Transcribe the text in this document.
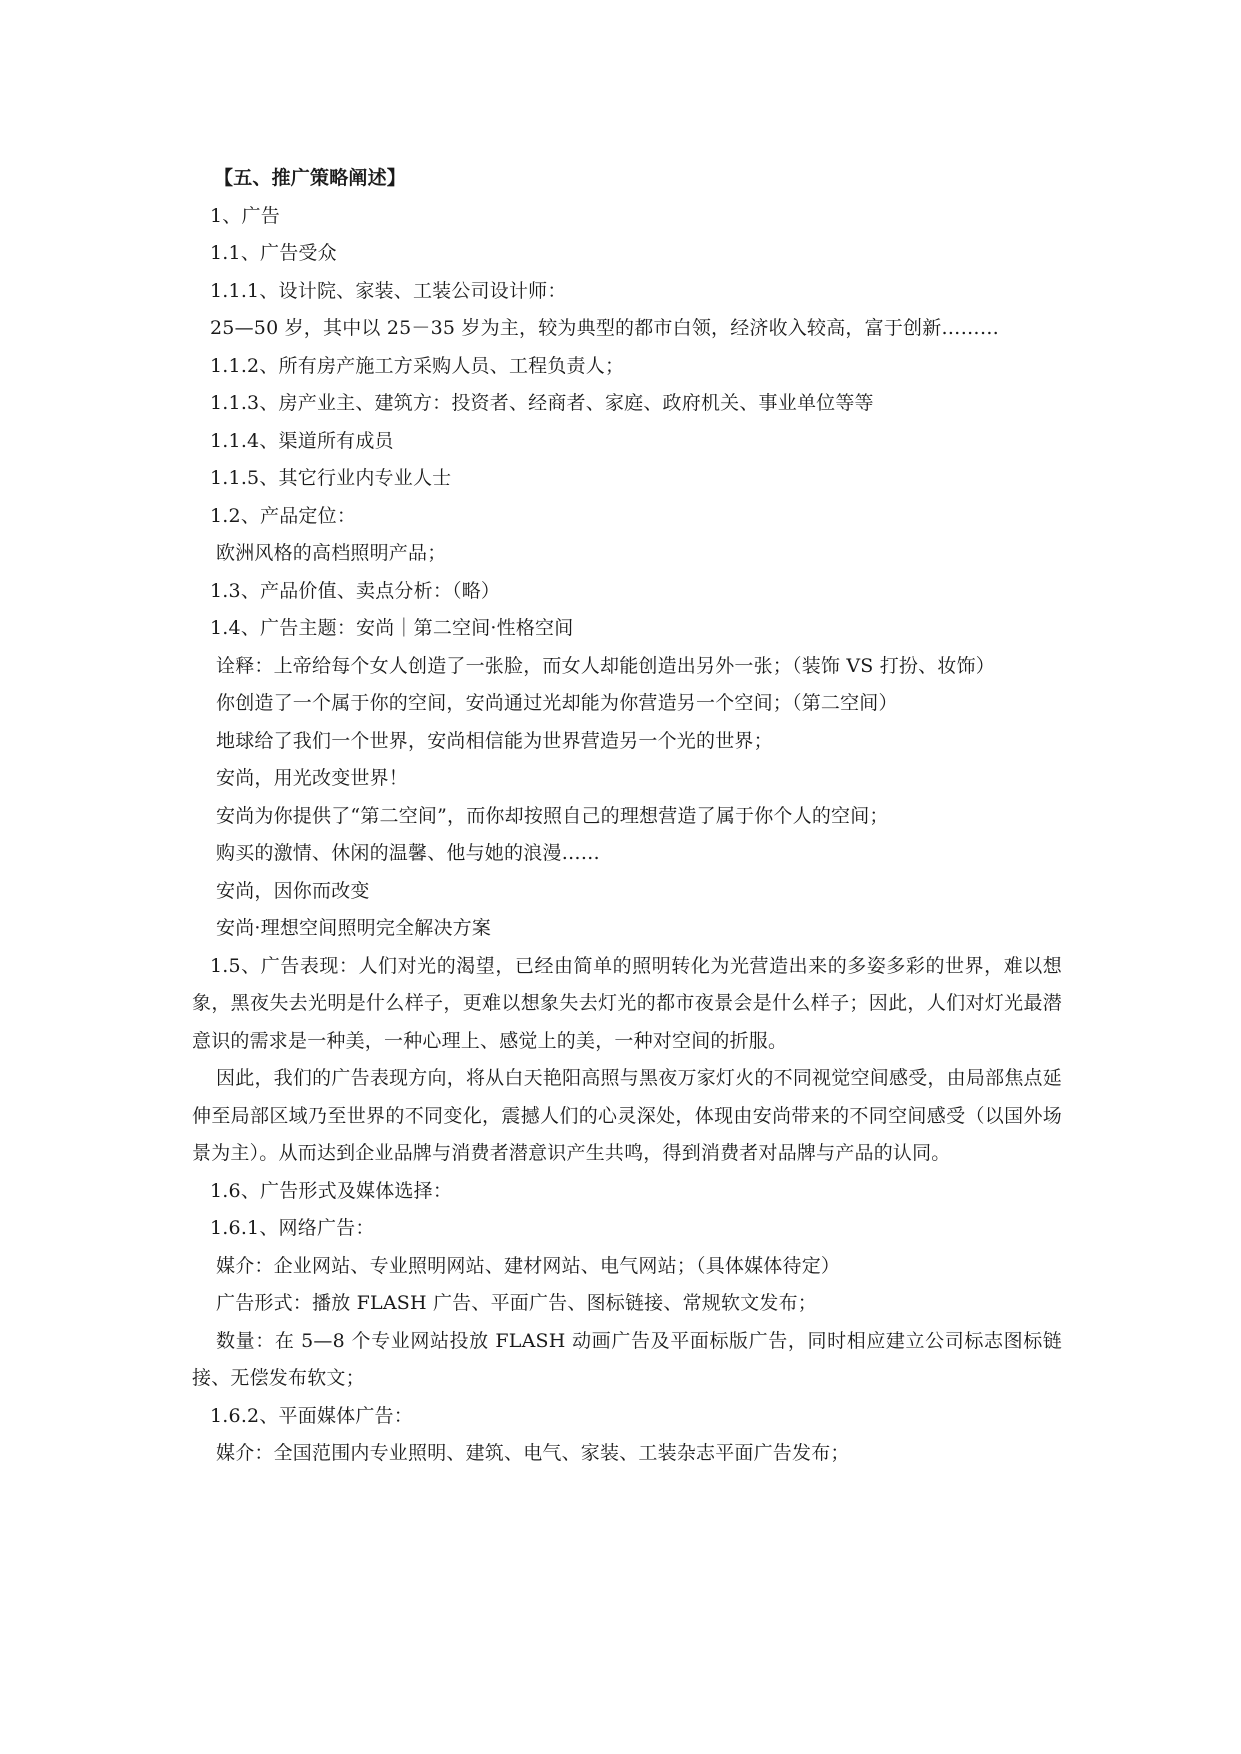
【五、推广策略阐述】
1、广告
1.1、广告受众
1.1.1、设计院、家装、工装公司设计师：
25—50 岁，其中以 25－35 岁为主，较为典型的都市白领，经济收入较高，富于创新………
1.1.2、所有房产施工方采购人员、工程负责人；
1.1.3、房产业主、建筑方：投资者、经商者、家庭、政府机关、事业单位等等
1.1.4、渠道所有成员
1.1.5、其它行业内专业人士
1.2、产品定位：
欧洲风格的高档照明产品；
1.3、产品价值、卖点分析：（略）
1.4、广告主题：安尚｜第二空间·性格空间
诠释：上帝给每个女人创造了一张脸，而女人却能创造出另外一张；（装饰 VS 打扮、妆饰）
你创造了一个属于你的空间，安尚通过光却能为你营造另一个空间；（第二空间）
地球给了我们一个世界，安尚相信能为世界营造另一个光的世界；
安尚，用光改变世界！
安尚为你提供了“第二空间”，而你却按照自己的理想营造了属于你个人的空间；
购买的激情、休闲的温馨、他与她的浪漫……
安尚，因你而改变
安尚·理想空间照明完全解决方案
1.5、广告表现：人们对光的渴望，已经由简单的照明转化为光营造出来的多姿多彩的世界，难以想象，黑夜失去光明是什么样子，更难以想象失去灯光的都市夜景会是什么样子；因此，人们对灯光最潜意识的需求是一种美，一种心理上、感觉上的美，一种对空间的折服。
因此，我们的广告表现方向，将从白天艳阳高照与黑夜万家灯火的不同视觉空间感受，由局部焦点延伸至局部区域乃至世界的不同变化，震撼人们的心灵深处，体现由安尚带来的不同空间感受（以国外场景为主）。从而达到企业品牌与消费者潜意识产生共鸣，得到消费者对品牌与产品的认同。
1.6、广告形式及媒体选择：
1.6.1、网络广告：
媒介：企业网站、专业照明网站、建材网站、电气网站；（具体媒体待定）
广告形式：播放 FLASH 广告、平面广告、图标链接、常规软文发布；
数量：在 5—8 个专业网站投放 FLASH 动画广告及平面标版广告，同时相应建立公司标志图标链接、无偿发布软文；
1.6.2、平面媒体广告：
媒介：全国范围内专业照明、建筑、电气、家装、工装杂志平面广告发布；
